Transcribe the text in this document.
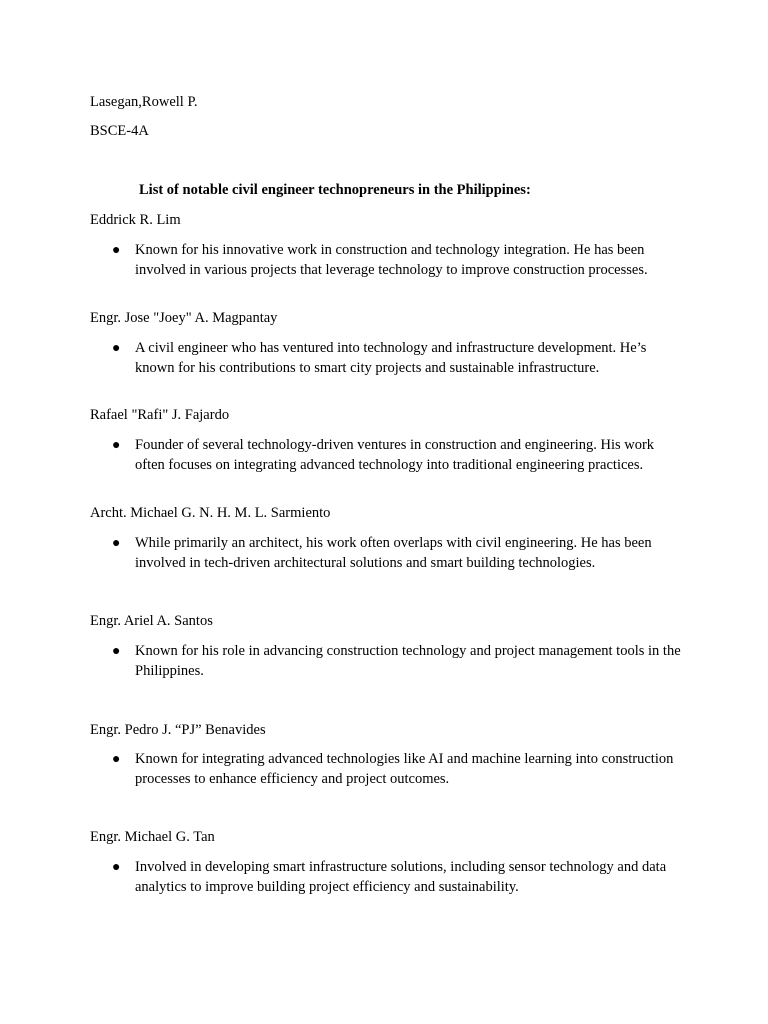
Lasegan,Rowell P.
BSCE-4A
List of notable civil engineer technopreneurs in the Philippines:
Eddrick R. Lim
● Known for his innovative work in construction and technology integration. He has been involved in various projects that leverage technology to improve construction processes.
Engr. Jose "Joey" A. Magpantay
● A civil engineer who has ventured into technology and infrastructure development. He’s known for his contributions to smart city projects and sustainable infrastructure.
Rafael "Rafi" J. Fajardo
● Founder of several technology-driven ventures in construction and engineering. His work often focuses on integrating advanced technology into traditional engineering practices.
Archt. Michael G. N. H. M. L. Sarmiento
● While primarily an architect, his work often overlaps with civil engineering. He has been involved in tech-driven architectural solutions and smart building technologies.
Engr. Ariel A. Santos
● Known for his role in advancing construction technology and project management tools in the Philippines.
Engr. Pedro J. “PJ” Benavides
● Known for integrating advanced technologies like AI and machine learning into construction processes to enhance efficiency and project outcomes.
Engr. Michael G. Tan
● Involved in developing smart infrastructure solutions, including sensor technology and data analytics to improve building project efficiency and sustainability.
